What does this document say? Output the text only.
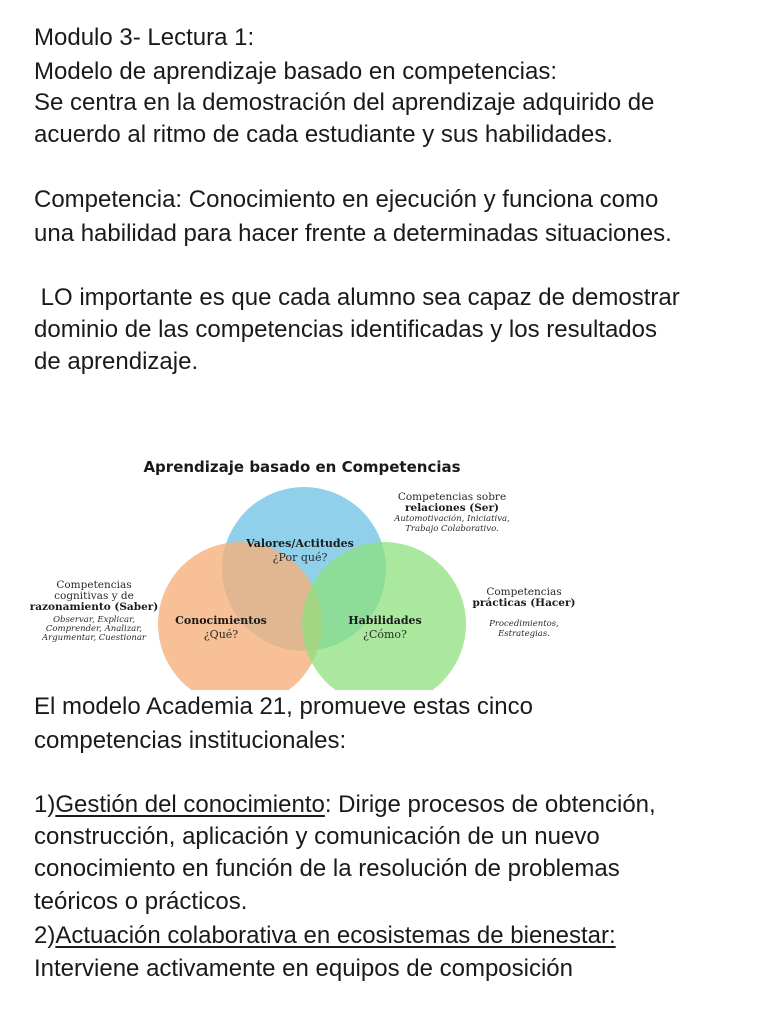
Modulo 3- Lectura 1:

Modelo de aprendizaje basado en competencias:

Se centra en la demostración del aprendizaje adquirido de

acuerdo al ritmo de cada estudiante y sus habilidades.

Competencia: Conocimiento en ejecución y funciona como

una habilidad para hacer frente a determinadas situaciones.

LO importante es que cada alumno sea capaz de demostrar

dominio de las competencias identificadas y los resultados

de aprendizaje.

Aprendizaje basado en Competencias
Valores/Actitudes
¿Por qué?
Conocimientos
¿Qué?
Habilidades
¿Cómo?
Competencias sobre
relaciones (Ser)
Automotivación, Iniciativa,
Trabajo Colaborativo.
Competencias
cognitivas y de
razonamiento (Saber)
Observar, Explicar,
Comprender, Analizar,
Argumentar, Cuestionar
Competencias
prácticas (Hacer)
Procedimientos,
Estrategias.

El modelo Academia 21, promueve estas cinco

competencias institucionales:

1)Gestión del conocimiento: Dirige procesos de obtención,

construcción, aplicación y comunicación de un nuevo

conocimiento en función de la resolución de problemas

teóricos o prácticos.

2)Actuación colaborativa en ecosistemas de bienestar:

Interviene activamente en equipos de composición
